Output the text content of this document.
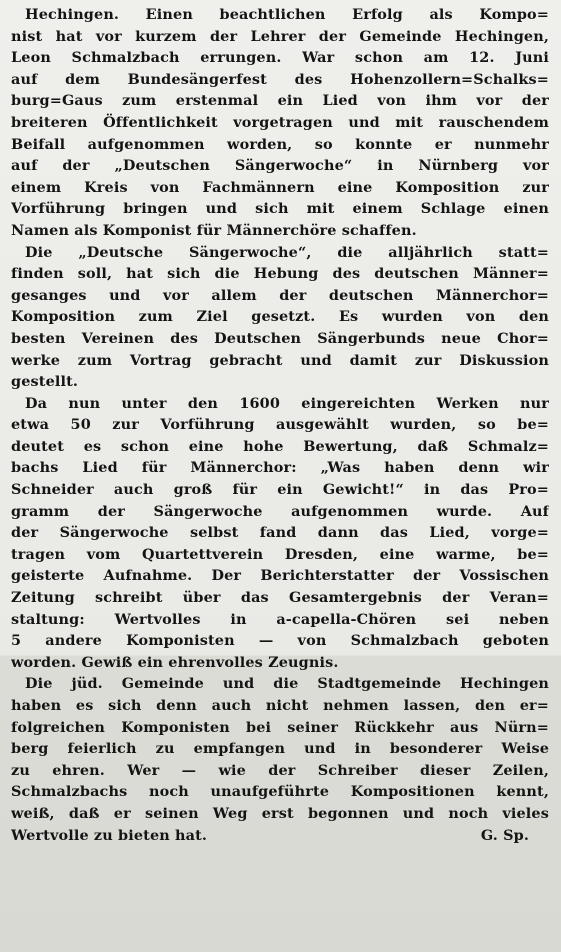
Hechingen. Einen beachtlichen Erfolg als Kompo=
nist hat vor kurzem der Lehrer der Gemeinde Hechingen,
Leon Schmalzbach errungen. War schon am 12. Juni
auf dem Bundesängerfest des Hohenzollern=Schalks=
burg=Gaus zum erstenmal ein Lied von ihm vor der
breiteren Öffentlichkeit vorgetragen und mit rauschendem
Beifall aufgenommen worden, so konnte er nunmehr
auf der „Deutschen Sängerwoche“ in Nürnberg vor
einem Kreis von Fachmännern eine Komposition zur
Vorführung bringen und sich mit einem Schlage einen
Namen als Komponist für Männerchöre schaffen.
Die „Deutsche Sängerwoche“, die alljährlich statt=
finden soll, hat sich die Hebung des deutschen Männer=
gesanges und vor allem der deutschen Männerchor=
Komposition zum Ziel gesetzt. Es wurden von den
besten Vereinen des Deutschen Sängerbunds neue Chor=
werke zum Vortrag gebracht und damit zur Diskussion
gestellt.
Da nun unter den 1600 eingereichten Werken nur
etwa 50 zur Vorführung ausgewählt wurden, so be=
deutet es schon eine hohe Bewertung, daß Schmalz=
bachs Lied für Männerchor: „Was haben denn wir
Schneider auch groß für ein Gewicht!“ in das Pro=
gramm der Sängerwoche aufgenommen wurde. Auf
der Sängerwoche selbst fand dann das Lied, vorge=
tragen vom Quartettverein Dresden, eine warme, be=
geisterte Aufnahme. Der Berichterstatter der Vossischen
Zeitung schreibt über das Gesamtergebnis der Veran=
staltung: Wertvolles in a-capella-Chören sei neben
5 andere Komponisten — von Schmalzbach geboten
worden. Gewiß ein ehrenvolles Zeugnis.
Die jüd. Gemeinde und die Stadtgemeinde Hechingen
haben es sich denn auch nicht nehmen lassen, den er=
folgreichen Komponisten bei seiner Rückkehr aus Nürn=
berg feierlich zu empfangen und in besonderer Weise
zu ehren. Wer — wie der Schreiber dieser Zeilen,
Schmalzbachs noch unaufgeführte Kompositionen kennt,
weiß, daß er seinen Weg erst begonnen und noch vieles
Wertvolle zu bieten hat.	G. Sp.
